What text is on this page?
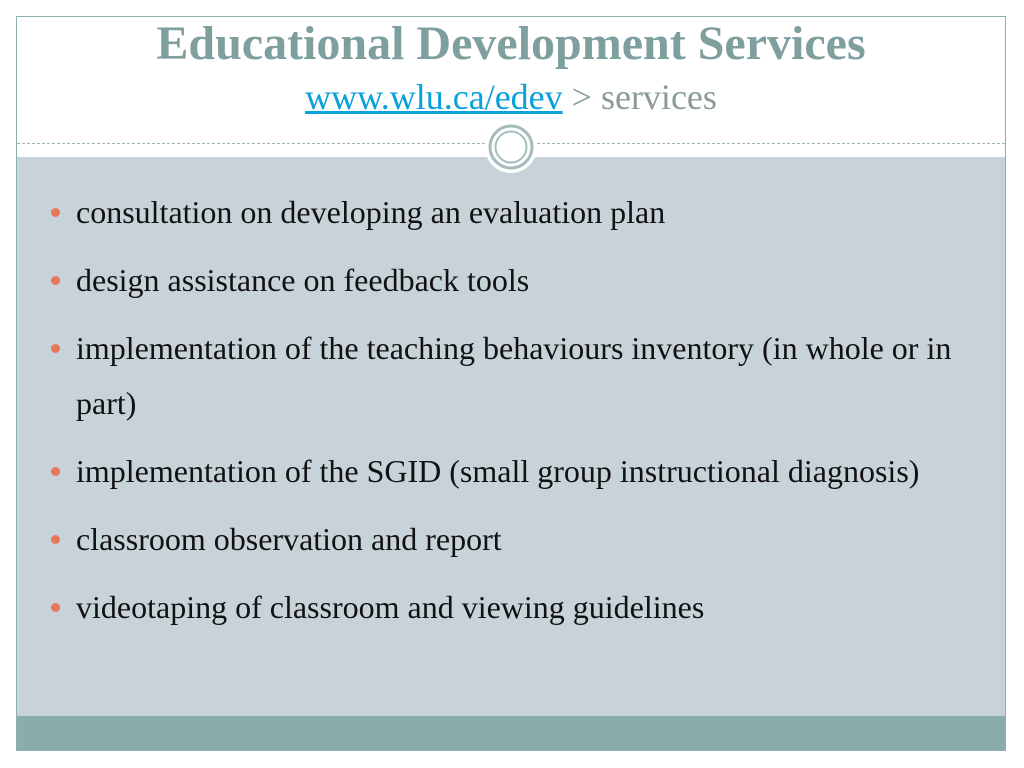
Educational Development Services

www.wlu.ca/edev > services

consultation on developing an evaluation plan
design assistance on feedback tools
implementation of the teaching behaviours inventory (in whole or in part)
implementation of the SGID (small group instructional diagnosis)
classroom observation and report
videotaping of classroom and viewing guidelines
